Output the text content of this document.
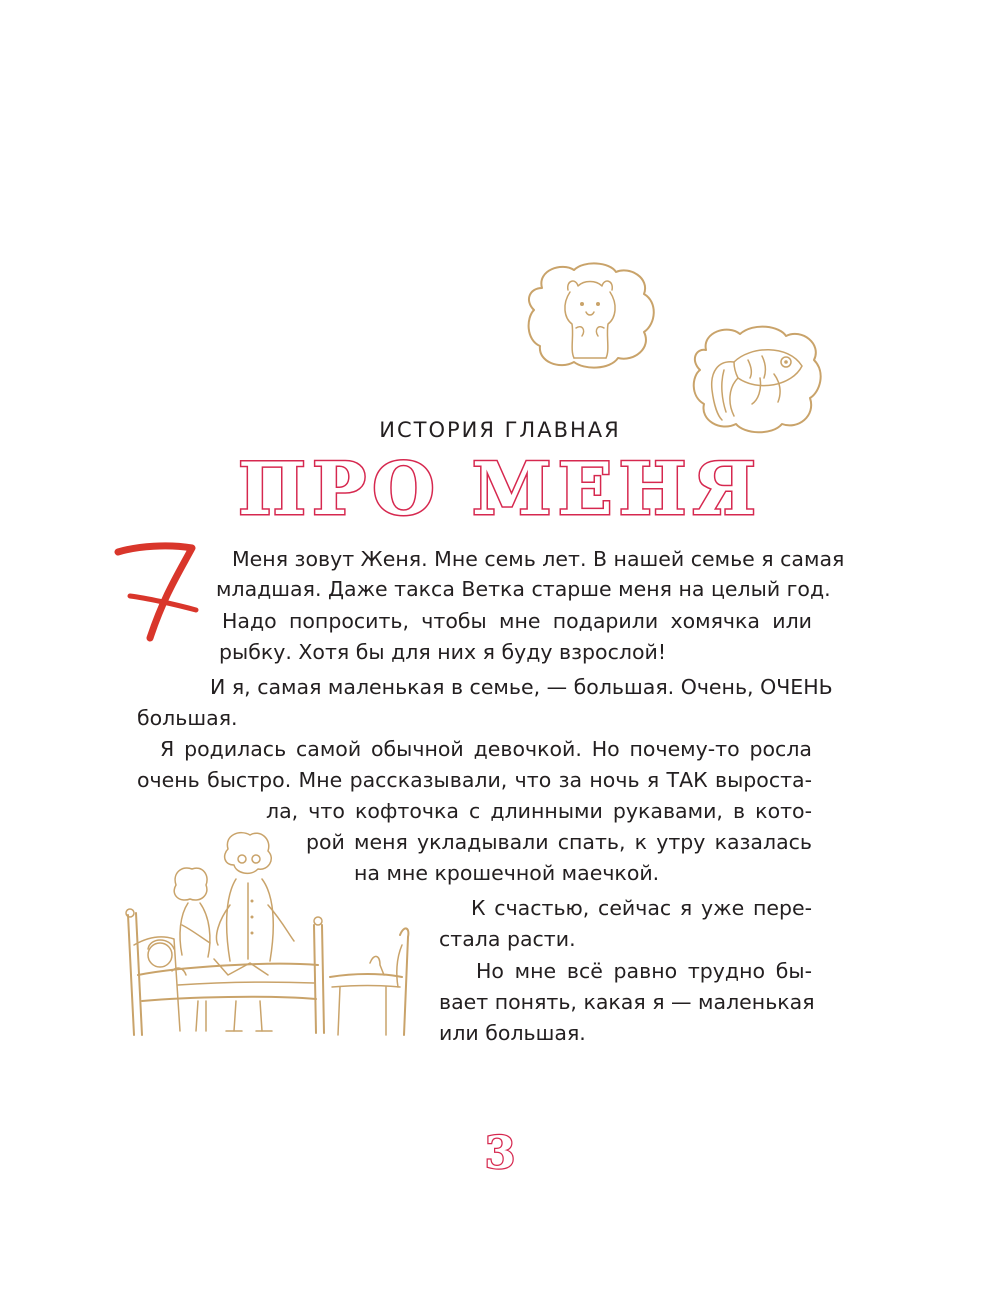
ИСТОРИЯ ГЛАВНАЯ
ПРО МЕНЯ
7
Меня зовут Женя. Мне семь лет. В нашей семье я самая
младшая. Даже такса Ветка старше меня на целый год.
Надо попросить, чтобы мне подарили хомячка или
рыбку. Хотя бы для них я буду взрослой!
И я, самая маленькая в семье, — большая. Очень, ОЧЕНЬ
большая.
Я родилась самой обычной девочкой. Но почему-то росла
очень быстро. Мне рассказывали, что за ночь я ТАК выроста-
ла, что кофточка с длинными рукавами, в кото-
рой меня укладывали спать, к утру казалась
на мне крошечной маечкой.
К счастью, сейчас я уже пере-
стала расти.
Но мне всё равно трудно бы-
вает понять, какая я — маленькая
или большая.
3
